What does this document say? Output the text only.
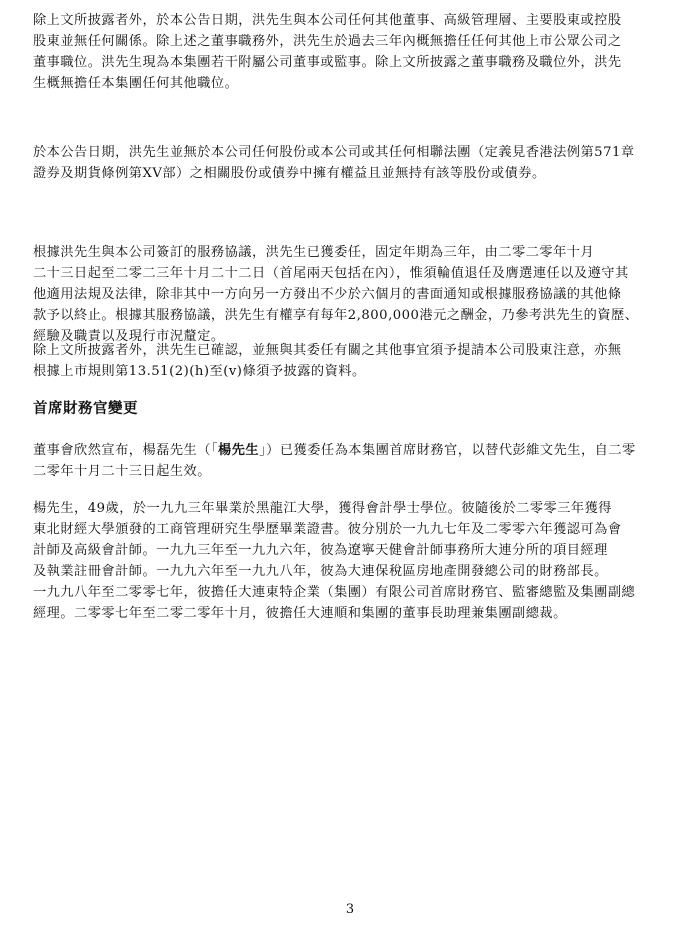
除上文所披露者外，於本公告日期，洪先生與本公司任何其他董事、高級管理層、主要股東或控股
股東並無任何關係。除上述之董事職務外，洪先生於過去三年內概無擔任任何其他上市公眾公司之
董事職位。洪先生現為本集團若干附屬公司董事或監事。除上文所披露之董事職務及職位外，洪先
生概無擔任本集團任何其他職位。

於本公告日期，洪先生並無於本公司任何股份或本公司或其任何相聯法團（定義見香港法例第571章
證券及期貨條例第XV部）之相關股份或債券中擁有權益且並無持有該等股份或債券。

根據洪先生與本公司簽訂的服務協議，洪先生已獲委任，固定年期為三年，由二零二零年十月
二十三日起至二零二三年十月二十二日（首尾兩天包括在內），惟須輪值退任及膺選連任以及遵守其
他適用法規及法律，除非其中一方向另一方發出不少於六個月的書面通知或根據服務協議的其他條
款予以終止。根據其服務協議，洪先生有權享有每年2,800,000港元之酬金，乃參考洪先生的資歷、
經驗及職責以及現行市況釐定。

除上文所披露者外，洪先生已確認，並無與其委任有關之其他事宜須予提請本公司股東注意，亦無
根據上市規則第13.51(2)(h)至(v)條須予披露的資料。

首席財務官變更

董事會欣然宣布，楊磊先生（「楊先生」）已獲委任為本集團首席財務官，以替代彭維文先生，自二零
二零年十月二十三日起生效。

楊先生，49歲，於一九九三年畢業於黑龍江大學，獲得會計學士學位。彼隨後於二零零三年獲得
東北財經大學頒發的工商管理研究生學歷畢業證書。彼分別於一九九七年及二零零六年獲認可為會
計師及高級會計師。一九九三年至一九九六年，彼為遼寧天健會計師事務所大連分所的項目經理
及執業註冊會計師。一九九六年至一九九八年，彼為大連保稅區房地產開發總公司的財務部長。
一九九八年至二零零七年，彼擔任大連東特企業（集團）有限公司首席財務官、監審總監及集團副總
經理。二零零七年至二零二零年十月，彼擔任大連順和集團的董事長助理兼集團副總裁。

3
